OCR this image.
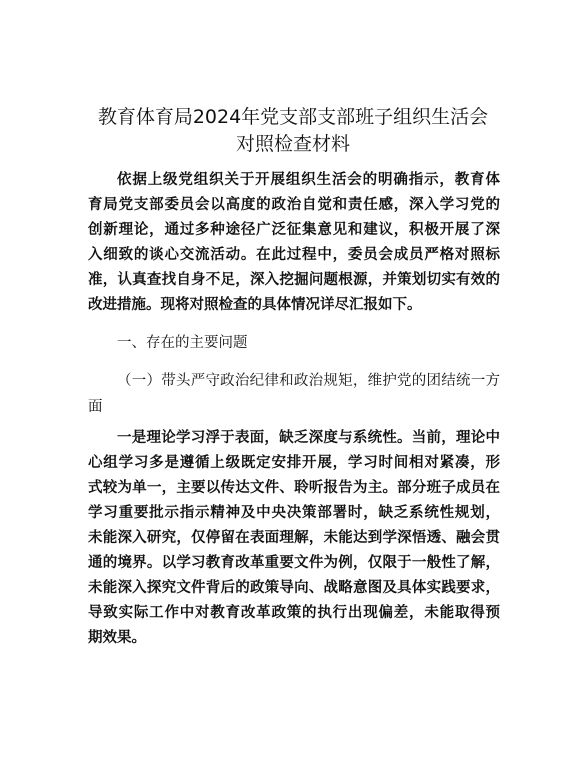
教育体育局2024年党支部支部班子组织生活会
对照检查材料

依据上级党组织关于开展组织生活会的明确指示，教育体

育局党支部委员会以高度的政治自觉和责任感，深入学习党的

创新理论，通过多种途径广泛征集意见和建议，积极开展了深

入细致的谈心交流活动。在此过程中，委员会成员严格对照标

准，认真查找自身不足，深入挖掘问题根源，并策划切实有效的

改进措施。现将对照检查的具体情况详尽汇报如下。

一、存在的主要问题

（一）带头严守政治纪律和政治规矩，维护党的团结统一方

面

一是理论学习浮于表面，缺乏深度与系统性。当前，理论中

心组学习多是遵循上级既定安排开展，学习时间相对紧凑，形

式较为单一，主要以传达文件、聆听报告为主。部分班子成员在

学习重要批示指示精神及中央决策部署时，缺乏系统性规划，

未能深入研究，仅停留在表面理解，未能达到学深悟透、融会贯

通的境界。以学习教育改革重要文件为例，仅限于一般性了解，

未能深入探究文件背后的政策导向、战略意图及具体实践要求，

导致实际工作中对教育改革政策的执行出现偏差，未能取得预

期效果。
